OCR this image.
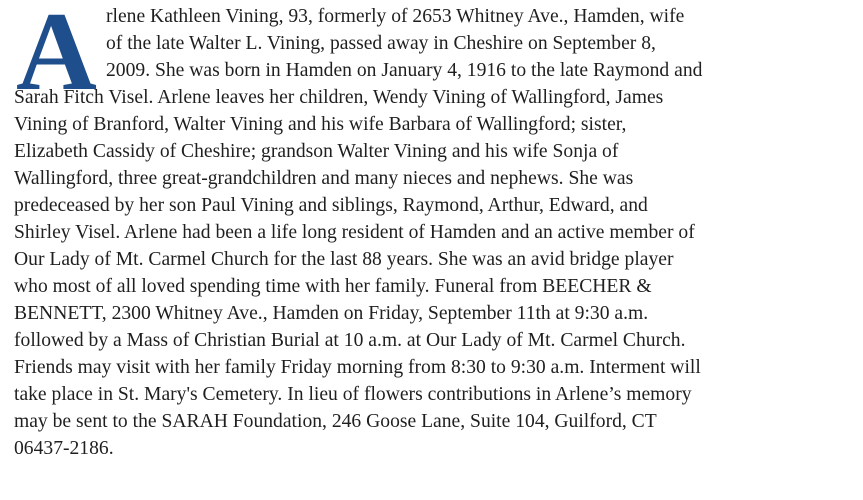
A rlene Kathleen Vining, 93, formerly of 2653 Whitney Ave., Hamden, wife
of the late Walter L. Vining, passed away in Cheshire on September 8,
2009. She was born in Hamden on January 4, 1916 to the late Raymond and
Sarah Fitch Visel. Arlene leaves her children, Wendy Vining of Wallingford, James
Vining of Branford, Walter Vining and his wife Barbara of Wallingford; sister,
Elizabeth Cassidy of Cheshire; grandson Walter Vining and his wife Sonja of
Wallingford, three great-grandchildren and many nieces and nephews. She was
predeceased by her son Paul Vining and siblings, Raymond, Arthur, Edward, and
Shirley Visel. Arlene had been a life long resident of Hamden and an active member of
Our Lady of Mt. Carmel Church for the last 88 years. She was an avid bridge player
who most of all loved spending time with her family. Funeral from BEECHER &
BENNETT, 2300 Whitney Ave., Hamden on Friday, September 11th at 9:30 a.m.
followed by a Mass of Christian Burial at 10 a.m. at Our Lady of Mt. Carmel Church.
Friends may visit with her family Friday morning from 8:30 to 9:30 a.m. Interment will
take place in St. Mary's Cemetery. In lieu of flowers contributions in Arlene’s memory
may be sent to the SARAH Foundation, 246 Goose Lane, Suite 104, Guilford, CT
06437-2186.
